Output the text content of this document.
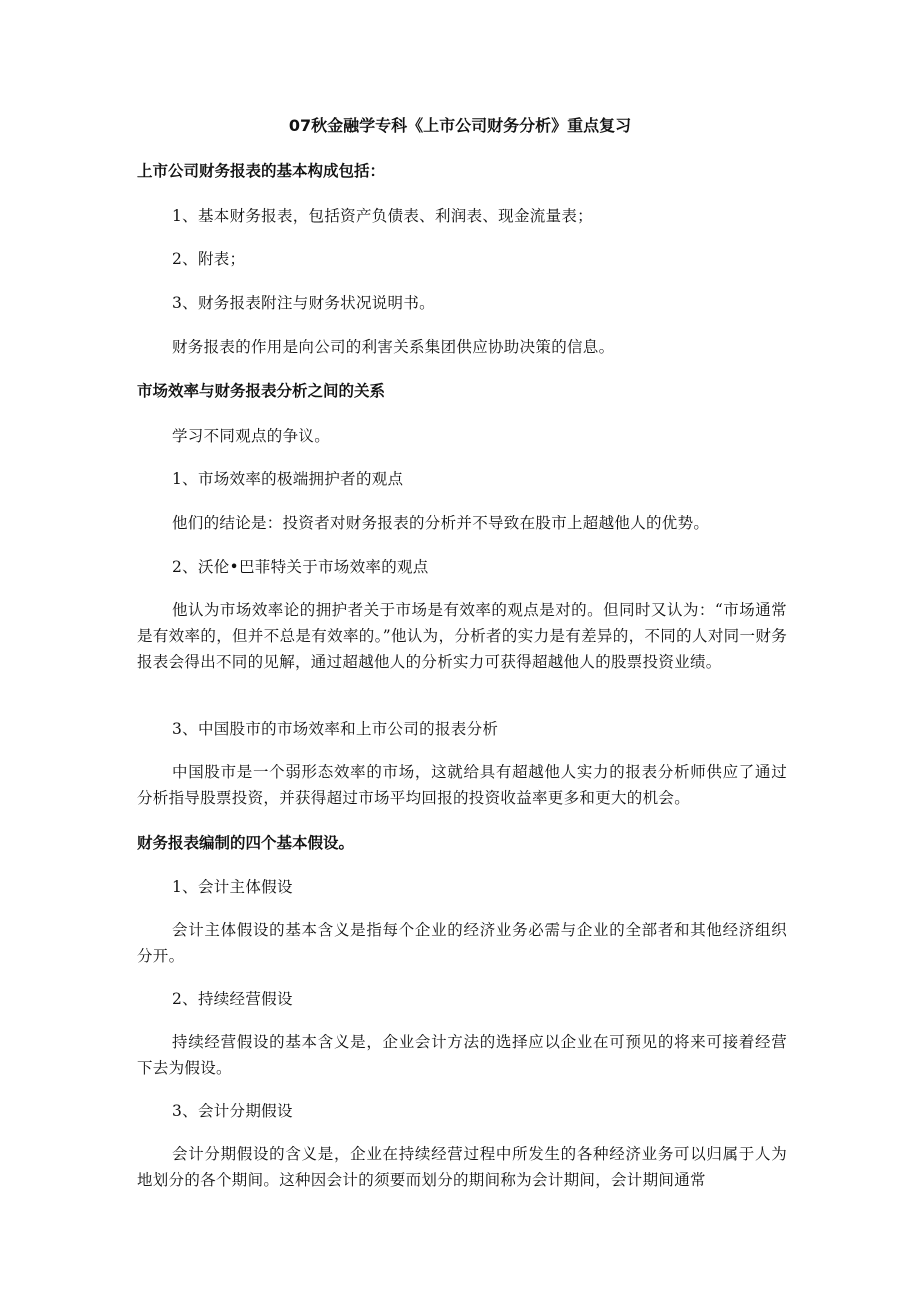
07秋金融学专科《上市公司财务分析》重点复习
上市公司财务报表的基本构成包括：

1、基本财务报表，包括资产负债表、利润表、现金流量表；

2、附表；

3、财务报表附注与财务状况说明书。

财务报表的作用是向公司的利害关系集团供应协助决策的信息。

市场效率与财务报表分析之间的关系

学习不同观点的争议。

1、市场效率的极端拥护者的观点

他们的结论是：投资者对财务报表的分析并不导致在股市上超越他人的优势。

2、沃伦•巴菲特关于市场效率的观点

他认为市场效率论的拥护者关于市场是有效率的观点是对的。但同时又认为：“市场通常是有效率的，但并不总是有效率的。”他认为，分析者的实力是有差异的，不同的人对同一财务报表会得出不同的见解，通过超越他人的分析实力可获得超越他人的股票投资业绩。

3、中国股市的市场效率和上市公司的报表分析

中国股市是一个弱形态效率的市场，这就给具有超越他人实力的报表分析师供应了通过分析指导股票投资，并获得超过市场平均回报的投资收益率更多和更大的机会。

财务报表编制的四个基本假设。

1、会计主体假设

会计主体假设的基本含义是指每个企业的经济业务必需与企业的全部者和其他经济组织分开。

2、持续经营假设

持续经营假设的基本含义是，企业会计方法的选择应以企业在可预见的将来可接着经营下去为假设。

3、会计分期假设

会计分期假设的含义是，企业在持续经营过程中所发生的各种经济业务可以归属于人为地划分的各个期间。这种因会计的须要而划分的期间称为会计期间，会计期间通常
